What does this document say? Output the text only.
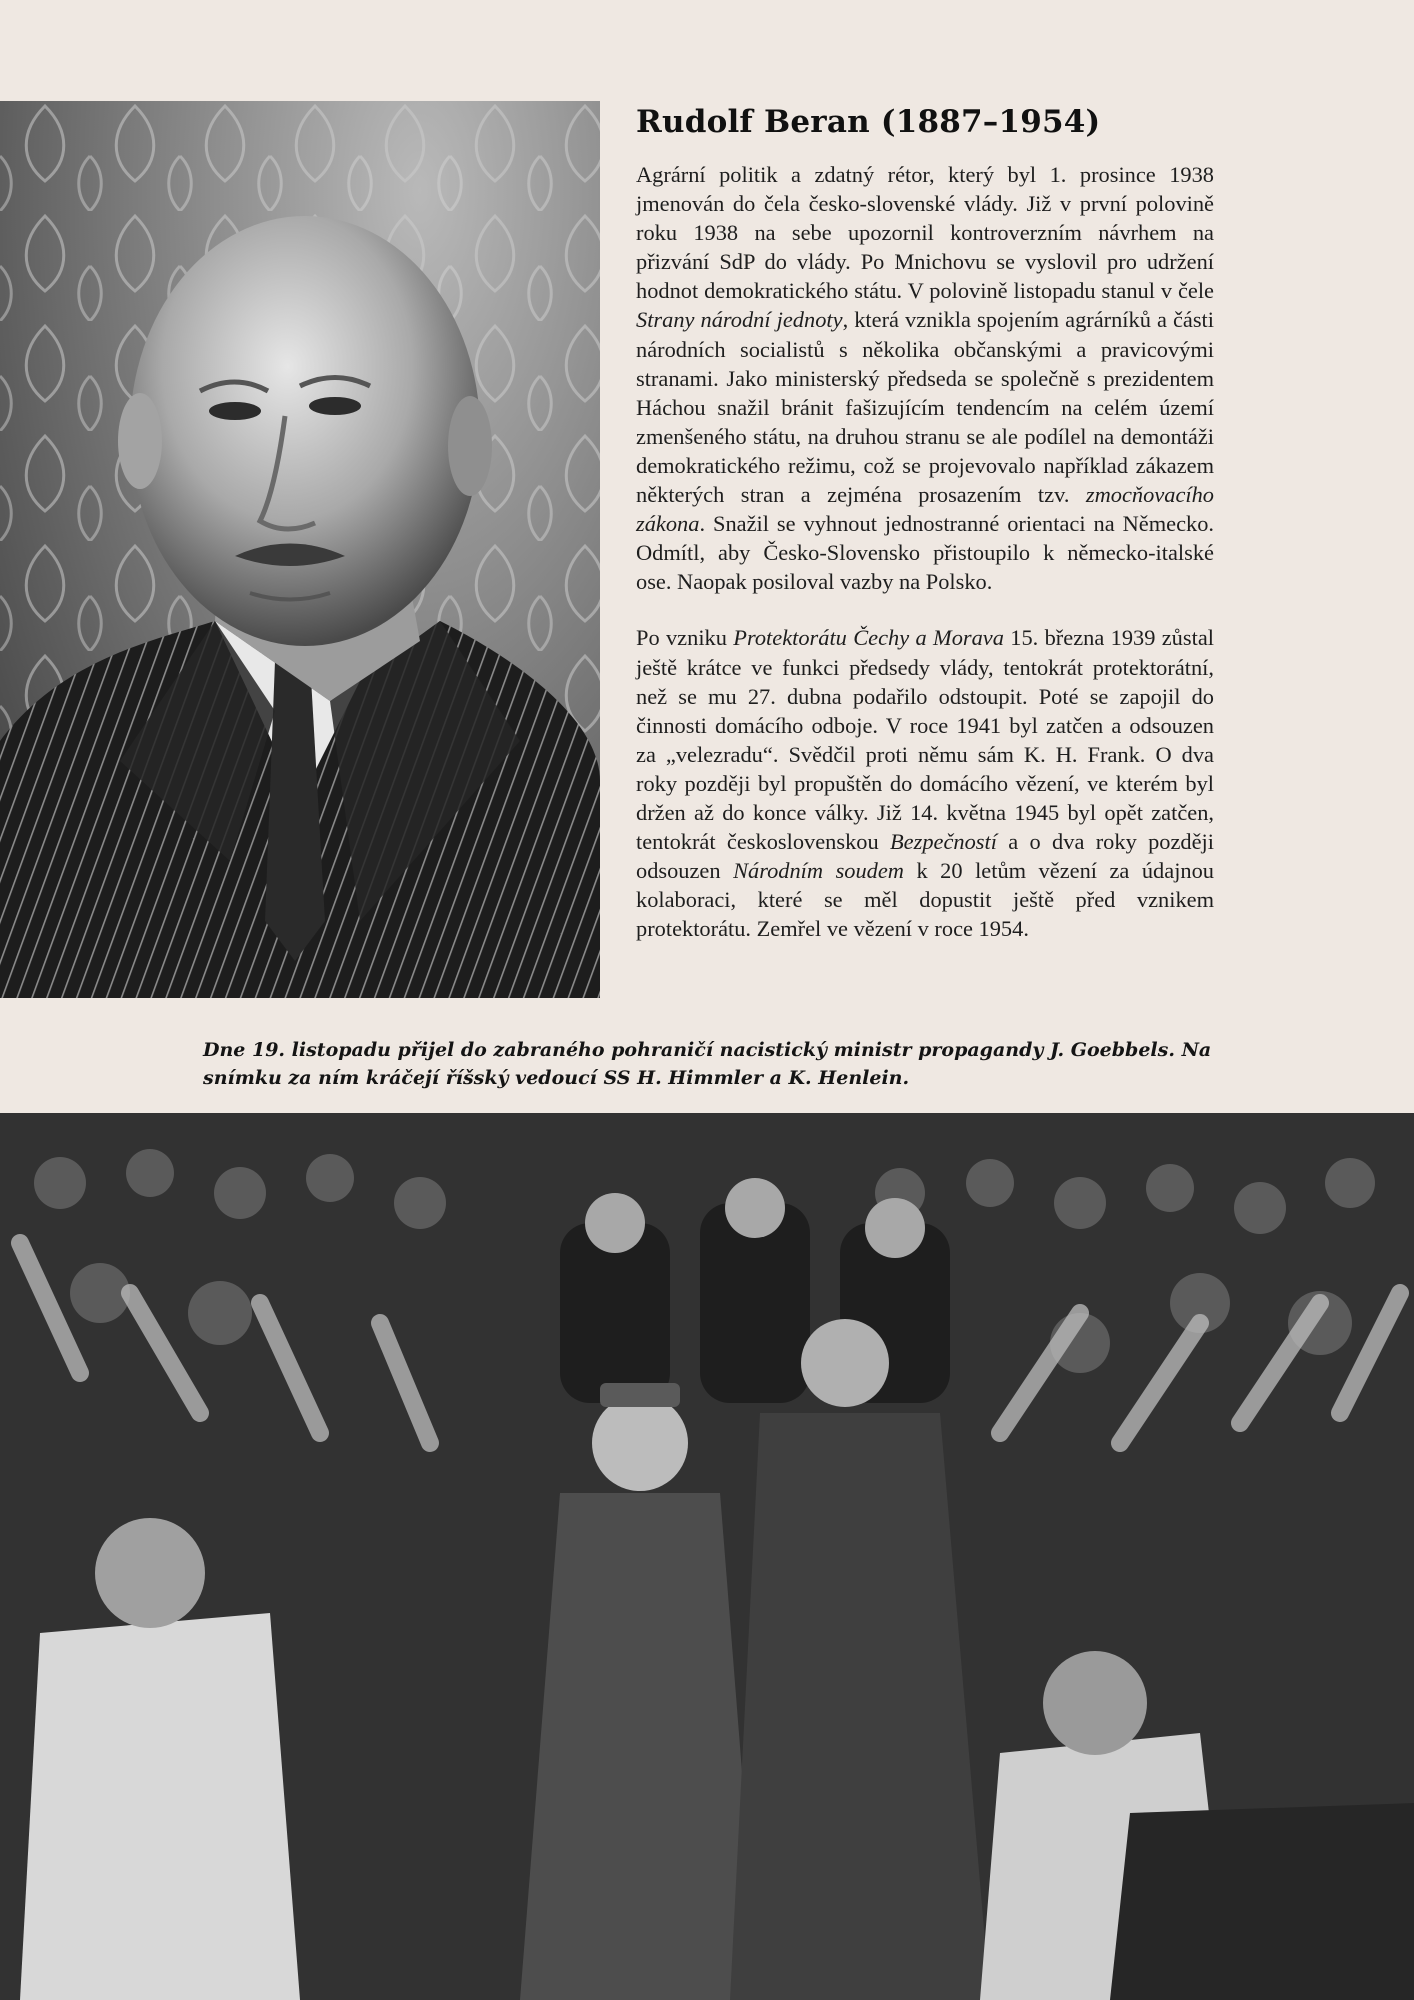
Rudolf Beran (1887–1954)

Agrární politik a zdatný rétor, který byl 1. prosince 1938 jmenován do čela česko-slovenské vlády. Již v první polovině roku 1938 na sebe upozornil kontroverzním návrhem na přizvání SdP do vlády. Po Mnichovu se vyslovil pro udržení hodnot demokratického státu. V polovině listopadu stanul v čele Strany národní jednoty, která vznikla spojením agrárníků a části národních socialistů s několika občanskými a pravicovými stranami. Jako ministerský předseda se společně s prezidentem Háchou snažil bránit fašizujícím tendencím na celém území zmenšeného státu, na druhou stranu se ale podílel na demontáži demokratického režimu, což se projevovalo například zákazem některých stran a zejména prosazením tzv. zmocňovacího zákona. Snažil se vyhnout jednostranné orientaci na Německo. Odmítl, aby Česko-Slovensko přistoupilo k německo-italské ose. Naopak posiloval vazby na Polsko.

Po vzniku Protektorátu Čechy a Morava 15. března 1939 zůstal ještě krátce ve funkci předsedy vlády, tentokrát protektorátní, než se mu 27. dubna podařilo odstoupit. Poté se zapojil do činnosti domácího odboje. V roce 1941 byl zatčen a odsouzen za „velezradu“. Svědčil proti němu sám K. H. Frank. O dva roky později byl propuštěn do domácího vězení, ve kterém byl držen až do konce války. Již 14. května 1945 byl opět zatčen, tentokrát československou Bezpečností a o dva roky později odsouzen Národním soudem k 20 letům vězení za údajnou kolaboraci, které se měl dopustit ještě před vznikem protektorátu. Zemřel ve vězení v roce 1954.

Dne 19. listopadu přijel do zabraného pohraničí nacistický ministr propagandy J. Goebbels. Na snímku za ním kráčejí říšský vedoucí SS H. Himmler a K. Henlein.
